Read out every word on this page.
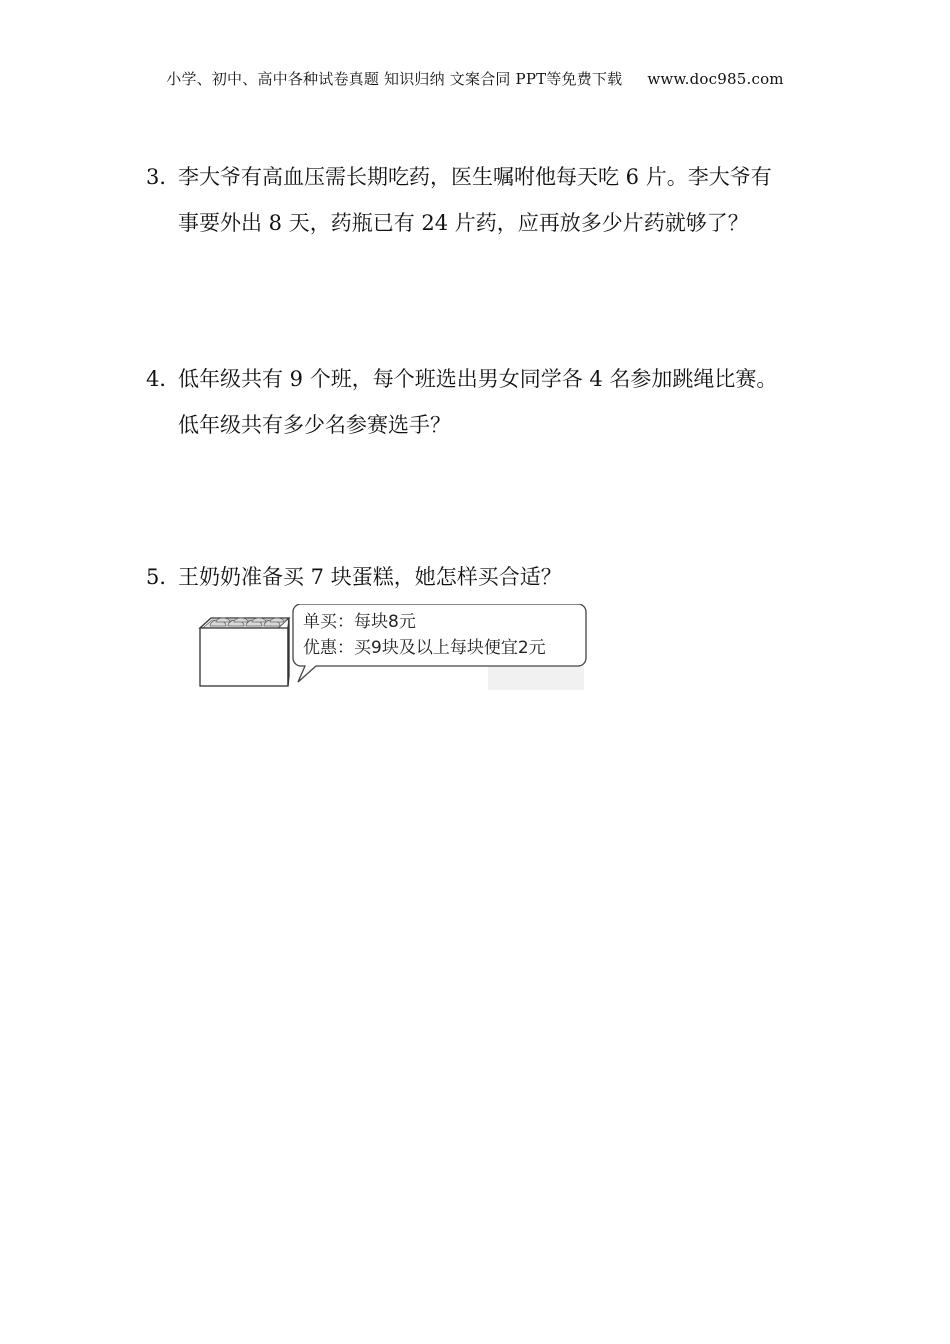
小学、初中、高中各种试卷真题 知识归纳 文案合同 PPT等免费下载 www.doc985.com
3．李大爷有高血压需长期吃药，医生嘱咐他每天吃 6 片。李大爷有
事要外出 8 天，药瓶已有 24 片药，应再放多少片药就够了？
4．低年级共有 9 个班，每个班选出男女同学各 4 名参加跳绳比赛。
低年级共有多少名参赛选手？
5．王奶奶准备买 7 块蛋糕，她怎样买合适？
单买：每块8元
优惠：买9块及以上每块便宜2元
